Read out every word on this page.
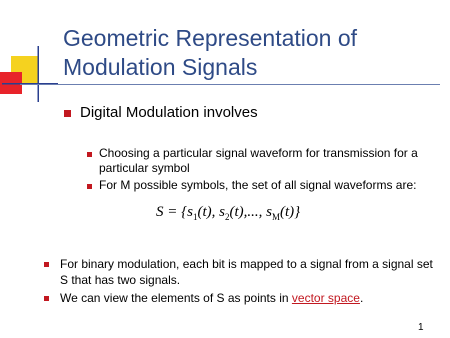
Geometric Representation of Modulation Signals
Digital Modulation involves
Choosing a particular signal waveform for transmission for a particular symbol
For M possible symbols, the set of all signal waveforms are:
$S = \{s_1(t)$, $s_2(t)$,..., $s_M(t)$}
For binary modulation, each bit is mapped to a signal from a signal set S that has two signals.
We can view the elements of S as points in vector space.
1
